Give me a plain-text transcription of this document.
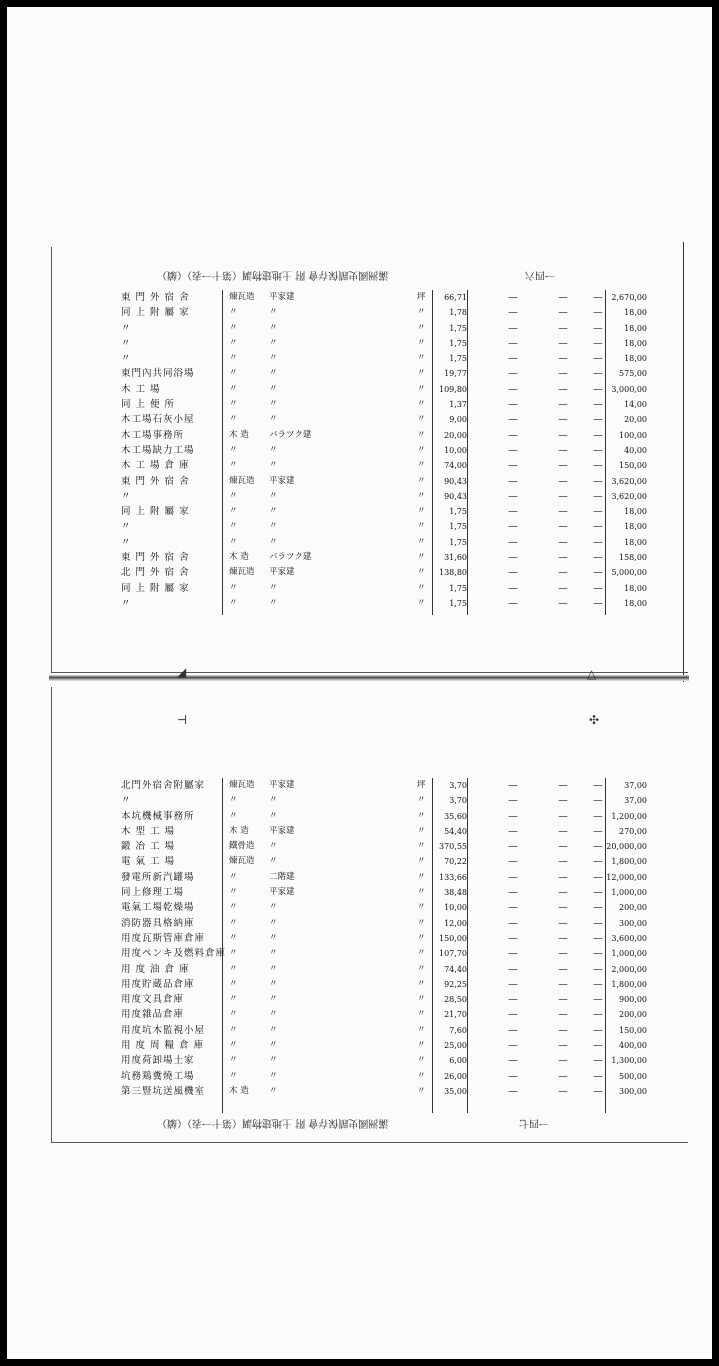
滿洲國史蹟保存會 附 土地建物調（第十一表）（續）	一四六
東 門 外 宿 舍	煉瓦造	平家建	坪	66,71	—	—	—	2,670,00
同 上 附 屬 家	〃	〃	〃	1,78	—	—	—	18,00
〃	〃	〃	〃	1,75	—	—	—	18,00
〃	〃	〃	〃	1,75	—	—	—	18,00
〃	〃	〃	〃	1,75	—	—	—	18,00
東門內共同浴場	〃	〃	〃	19,77	—	—	—	575,00
木 工 場	〃	〃	〃	109,80	—	—	—	3,000,00
同 上 便 所	〃	〃	〃	1,37	—	—	—	14,00
木工場石灰小屋	〃	〃	〃	9,00	—	—	—	20,00
木工場事務所	木 造	バラツク建	〃	20,00	—	—	—	100,00
木工場缺力工場	〃	〃	〃	10,00	—	—	—	40,00
木 工 場 倉 庫	〃	〃	〃	74,00	—	—	—	150,00
東 門 外 宿 舍	煉瓦造	平家建	〃	90,43	—	—	—	3,620,00
〃	〃	〃	〃	90,43	—	—	—	3,620,00
同 上 附 屬 家	〃	〃	〃	1,75	—	—	—	18,00
〃	〃	〃	〃	1,75	—	—	—	18,00
〃	〃	〃	〃	1,75	—	—	—	18,00
東 門 外 宿 舍	木 造	バラツク建	〃	31,60	—	—	—	158,00
北 門 外 宿 舍	煉瓦造	平家建	〃	138,80	—	—	—	5,000,00
同 上 附 屬 家	〃	〃	〃	1,75	—	—	—	18,00
〃	〃	〃	〃	1,75	—	—	—	18,00
◢	△
⊣	✣
北門外宿舍附屬家	煉瓦造	平家建	坪	3,70	—	—	—	37,00
〃	〃	〃	〃	3,70	—	—	—	37,00
本坑機械事務所	〃	〃	〃	35,60	—	—	—	1,200,00
木 型 工 場	木 造	平家建	〃	54,40	—	—	—	270,00
鍛 冶 工 場	鐵骨造	〃	〃	370,55	—	—	— 20,000,00
電 氣 工 場	煉瓦造	〃	〃	70,22	—	—	—	1,800,00
發電所新汽罐場	〃	二階建	〃	133,66	—	—	— 12,000,00
同上修理工場	〃	平家建	〃	38,48	—	—	—	1,000,00
電氣工場乾燥場	〃	〃	〃	10,00	—	—	—	200,00
消防器具格納庫	〃	〃	〃	12,00	—	—	—	300,00
用度瓦斯管庫倉庫	〃	〃	〃	150,00	—	—	—	3,600,00
用度ペンキ及燃料倉庫 〃	〃	〃	107,70	—	—	—	1,000,00
用 度 油 倉 庫	〃	〃	〃	74,40	—	—	—	2,000,00
用度貯蔵品倉庫	〃	〃	〃	92,25	—	—	—	1,800,00
用度文具倉庫	〃	〃	〃	28,50	—	—	—	900,00
用度雜品倉庫	〃	〃	〃	21,70	—	—	—	200,00
用度坑木監視小屋	〃	〃	〃	7,60	—	—	—	150,00
用 度 周 糧 倉 庫	〃	〃	〃	25,00	—	—	—	400,00
用度荷卸場土家	〃	〃	〃	6,00	—	—	—	1,300,00
坑務鶏糞燒工場	〃	〃	〃	26,00	—	—	—	500,00
第三豎坑送風機室	木 造	〃	〃	35,00	—	—	—	300,00
滿洲國史蹟保存會 附 土地建物調（第十一表）（續）	一四七
